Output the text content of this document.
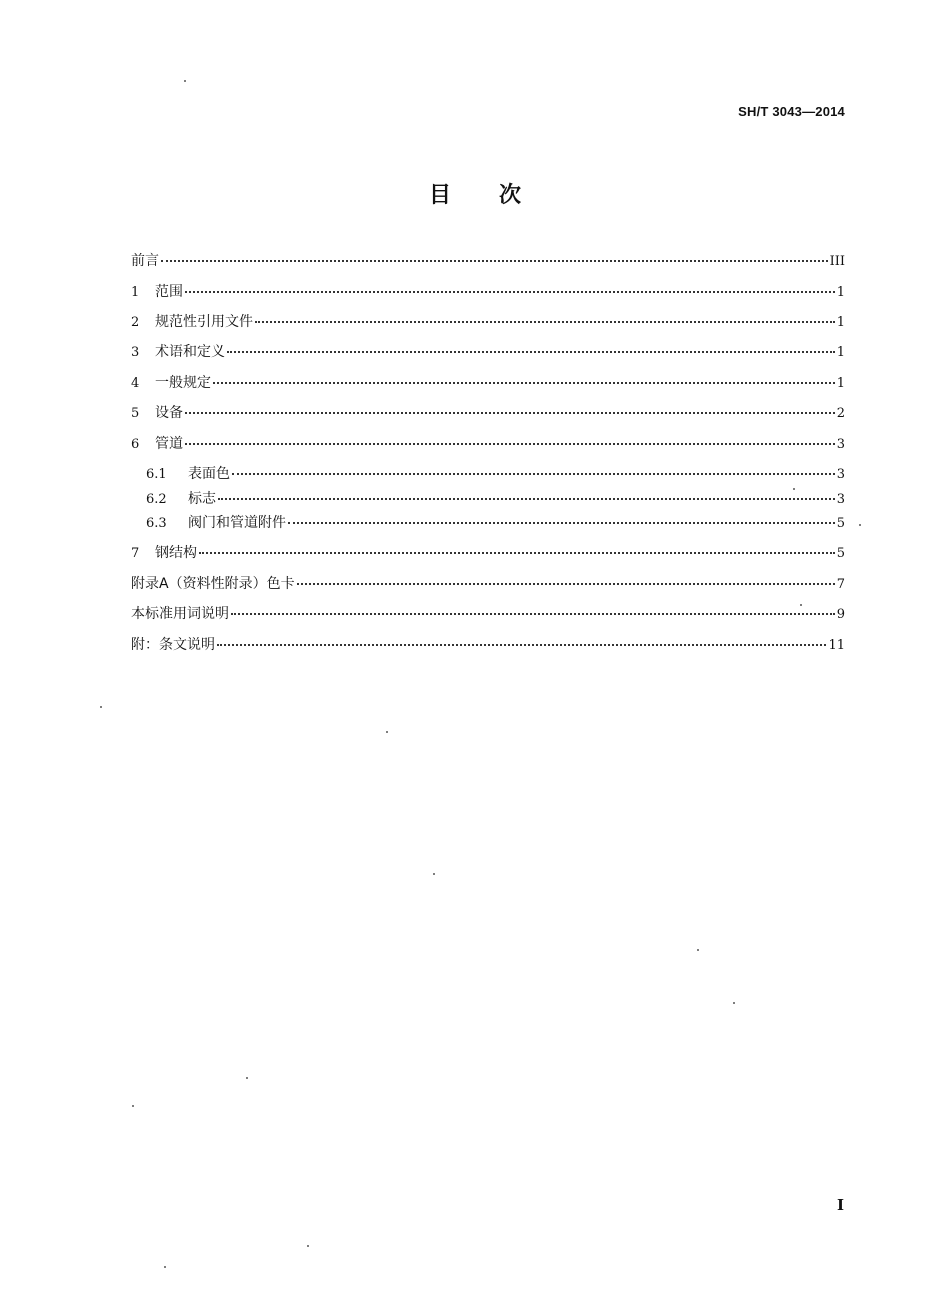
SH/T 3043—2014
目 次
前言	III
1	范围	1
2	规范性引用文件	1
3	术语和定义	1
4	一般规定	1
5	设备	2
6	管道	3
6.1	表面色	3
6.2	标志	3
6.3	阀门和管道附件	5
7	钢结构	5
附录A（资料性附录）色卡	7
本标准用词说明	9
附：条文说明	11
I
